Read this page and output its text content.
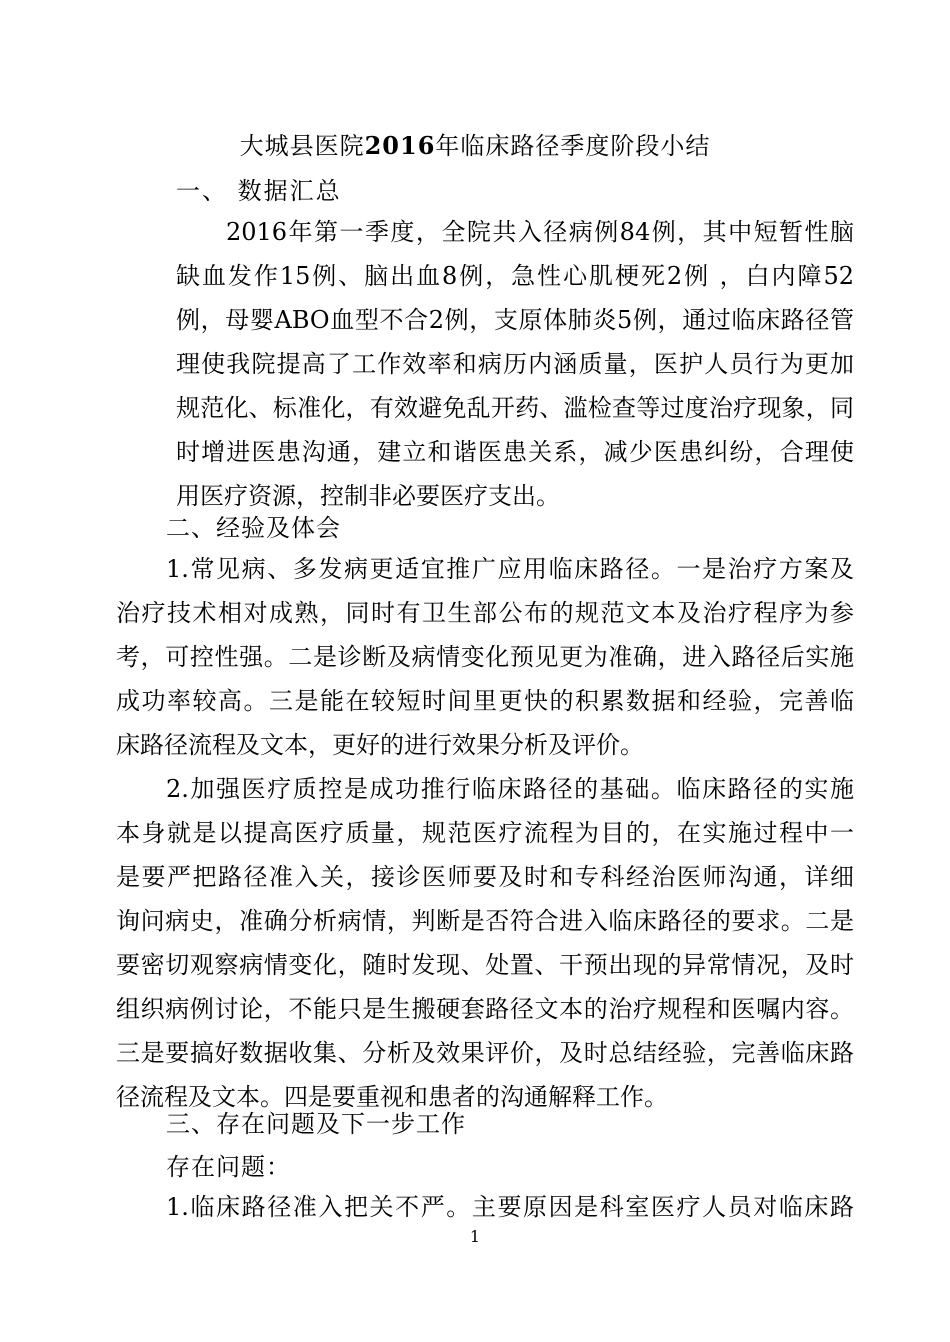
大城县医院2016年临床路径季度阶段小结
一、 数据汇总
2016年第一季度，全院共入径病例84例，其中短暂性脑
缺血发作15例、脑出血8例，急性心肌梗死2例 ，白内障52
例，母婴ABO血型不合2例，支原体肺炎5例，通过临床路径管
理使我院提高了工作效率和病历内涵质量，医护人员行为更加
规范化、标准化，有效避免乱开药、滥检查等过度治疗现象，同
时增进医患沟通，建立和谐医患关系，减少医患纠纷，合理使
用医疗资源，控制非必要医疗支出。
二、经验及体会
1.常见病、多发病更适宜推广应用临床路径。一是治疗方案及
治疗技术相对成熟，同时有卫生部公布的规范文本及治疗程序为参
考，可控性强。二是诊断及病情变化预见更为准确，进入路径后实施
成功率较高。三是能在较短时间里更快的积累数据和经验，完善临
床路径流程及文本，更好的进行效果分析及评价。
2.加强医疗质控是成功推行临床路径的基础。临床路径的实施
本身就是以提高医疗质量，规范医疗流程为目的，在实施过程中一
是要严把路径准入关，接诊医师要及时和专科经治医师沟通，详细
询问病史，准确分析病情，判断是否符合进入临床路径的要求。二是
要密切观察病情变化，随时发现、处置、干预出现的异常情况，及时
组织病例讨论，不能只是生搬硬套路径文本的治疗规程和医嘱内容。
三是要搞好数据收集、分析及效果评价，及时总结经验，完善临床路
径流程及文本。四是要重视和患者的沟通解释工作。
三、存在问题及下一步工作
存在问题：
1.临床路径准入把关不严。主要原因是科室医疗人员对临床路
1
